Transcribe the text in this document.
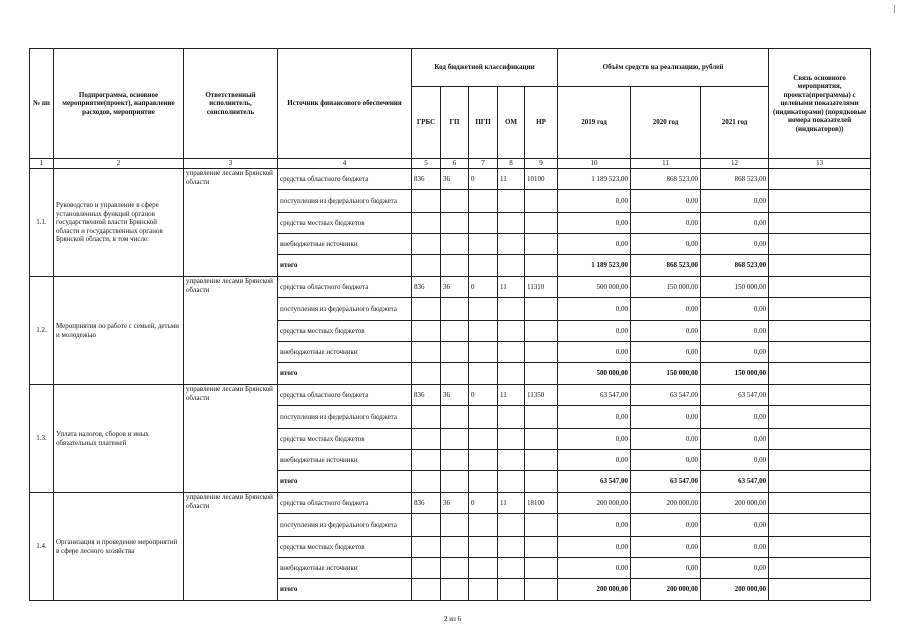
№ пп	Подпрограмма, основное мероприятие(проект), направление расходов, мероприятие	Ответственный исполнитель, соисполнитель	Источник финансового обеспечения	Код бюджетной классификации					Объём средств на реализацию, рублей			Связь основного мероприятия, проекта(программы) с целевыми показателями (индикаторами) (порядковые номера показателей (индикаторов))
				ГРБС	ГП	ПГП	ОМ	НР	2019 год	2020 год	2021 год	
1	2	3	4	5	6	7	8	9	10	11	12	13
1.1.	Руководство и управление в сфере установленных функций органов государственной власти Брянской области и государственных органов Брянской области, в том числе:	управление лесами Брянской области	средства областного бюджета	836	36	0	11	10100	1 189 523,00	868 523,00	868 523,00	
			поступления из федерального бюджета						0,00	0,00	0,00	
			средства местных бюджетов						0,00	0,00	0,00	
			внебюджетные источники						0,00	0,00	0,00	
			итого						1 189 523,00	868 523,00	868 523,00	
1.2.	Мероприятия по работе с семьей, детьми и молодежью	управление лесами Брянской области	средства областного бюджета	836	36	0	11	11310	500 000,00	150 000,00	150 000,00	
			поступления из федерального бюджета						0,00	0,00	0,00	
			средства местных бюджетов						0,00	0,00	0,00	
			внебюджетные источники						0,00	0,00	0,00	
			итого						500 000,00	150 000,00	150 000,00	
1.3.	Уплата налогов, сборов и иных обязательных платежей	управление лесами Брянской области	средства областного бюджета	836	36	0	11	11350	63 547,00	63 547,00	63 547,00	
			поступления из федерального бюджета						0,00	0,00	0,00	
			средства местных бюджетов						0,00	0,00	0,00	
			внебюджетные источники						0,00	0,00	0,00	
			итого						63 547,00	63 547,00	63 547,00	
1.4.	Организация и проведение мероприятий в сфере лесного хозяйства	управление лесами Брянской области	средства областного бюджета	836	36	0	11	18100	200 000,00	200 000,00	200 000,00	
			поступления из федерального бюджета						0,00	0,00	0,00	
			средства местных бюджетов						0,00	0,00	0,00	
			внебюджетные источники						0,00	0,00	0,00	
			итого						200 000,00	200 000,00	200 000,00	
2 из 6
